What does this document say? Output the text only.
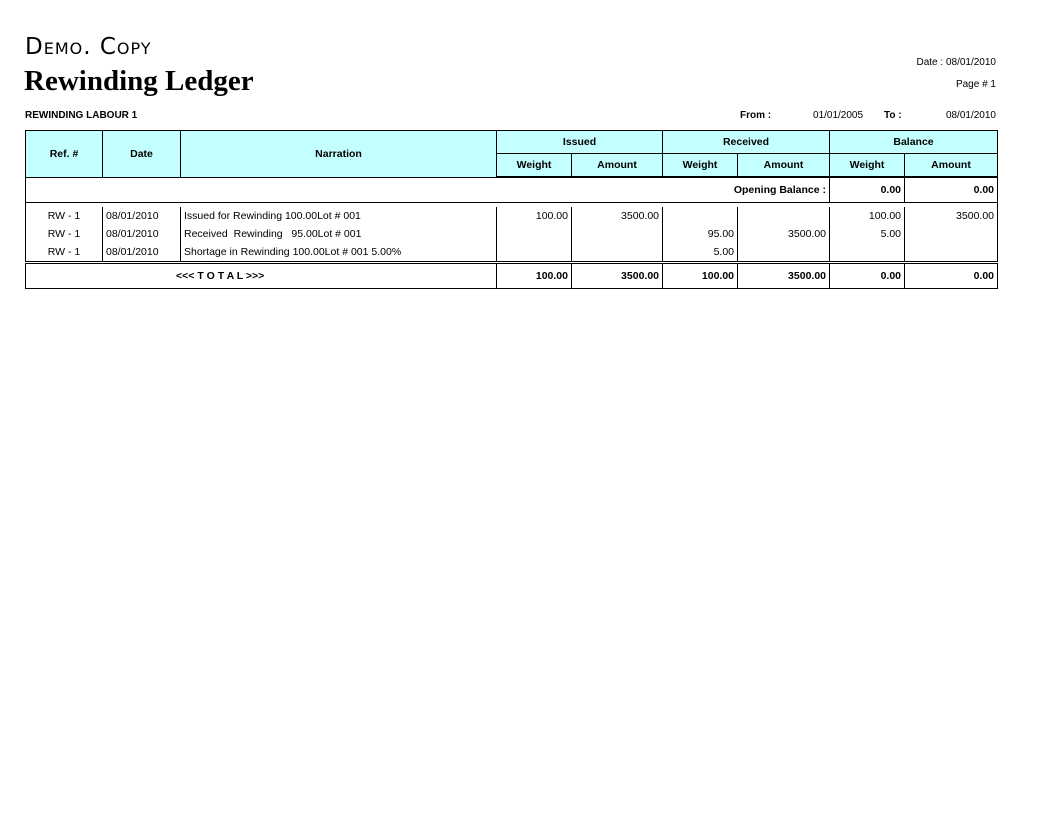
Demo. Copy
Rewinding Ledger
Date : 08/01/2010
Page # 1
REWINDING LABOUR 1	From :	01/01/2005 To :	08/01/2010
Ref. #	Date	Narration	Issued		Received		Balance	
			Weight	Amount	Weight	Amount	Weight	Amount
Opening Balance :							0.00	0.00

RW - 1	08/01/2010	Issued for Rewinding 100.00Lot # 001	100.00	3500.00			100.00	3500.00
RW - 1	08/01/2010	Received  Rewinding   95.00Lot # 001			95.00	3500.00	5.00	
RW - 1	08/01/2010	Shortage in Rewinding 100.00Lot # 001 5.00%			5.00			
<<< T O T A L >>>			100.00	3500.00	100.00	3500.00	0.00	0.00
